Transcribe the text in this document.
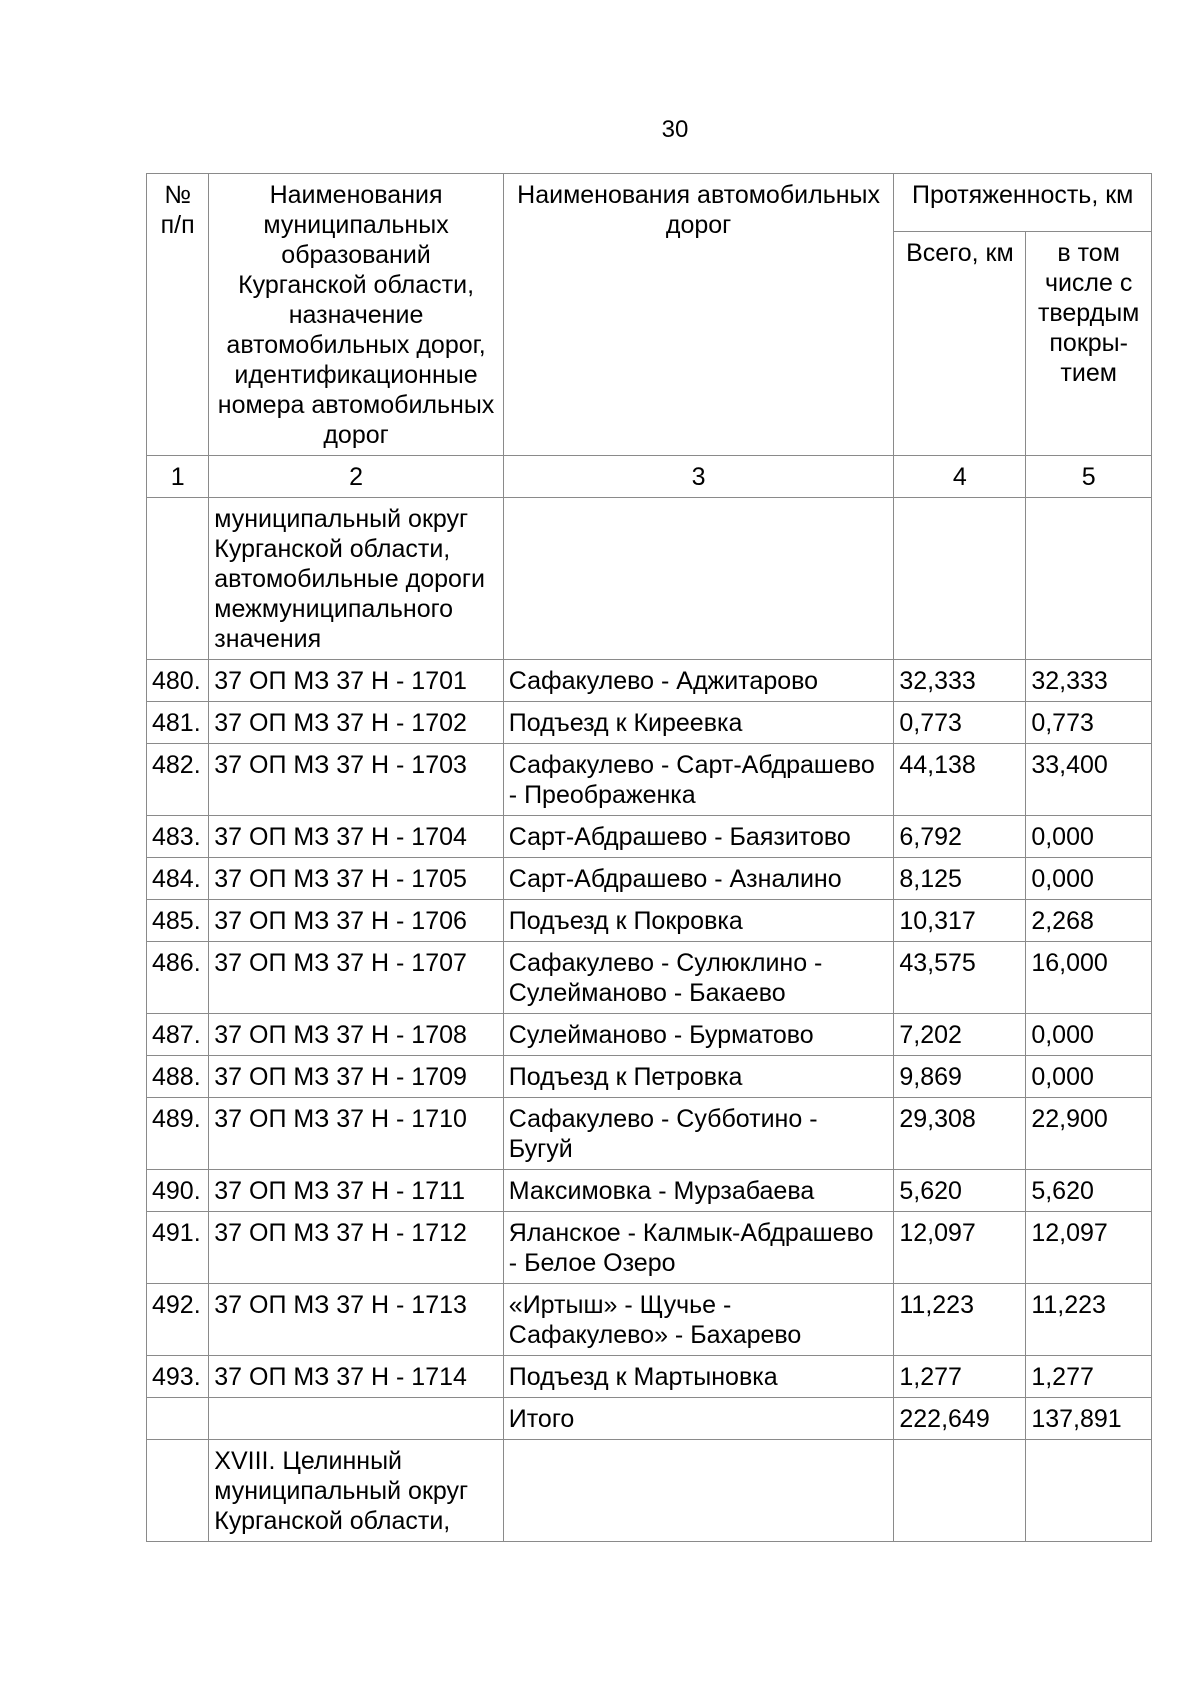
30
№
п/п	Наименования муниципальных образований Курганской области, назначение автомобильных дорог, идентификационные номера автомобильных дорог	Наименования автомобильных дорог	Протяженность, км	
			Всего, км	в том числе с твердым покры-тием
1	2	3	4	5
	муниципальный округ Курганской области, автомобильные дороги межмуниципального значения			
480.	37 ОП МЗ 37 Н - 1701	Сафакулево - Аджитарово	32,333	32,333
481.	37 ОП МЗ 37 Н - 1702	Подъезд к Киреевка	0,773	0,773
482.	37 ОП МЗ 37 Н - 1703	Сафакулево - Сарт-Абдрашево - Преображенка	44,138	33,400
483.	37 ОП МЗ 37 Н - 1704	Сарт-Абдрашево - Баязитово	6,792	0,000
484.	37 ОП МЗ 37 Н - 1705	Сарт-Абдрашево - Азналино	8,125	0,000
485.	37 ОП МЗ 37 Н - 1706	Подъезд к Покровка	10,317	2,268
486.	37 ОП МЗ 37 Н - 1707	Сафакулево - Сулюклино - Сулейманово - Бакаево	43,575	16,000
487.	37 ОП МЗ 37 Н - 1708	Сулейманово - Бурматово	7,202	0,000
488.	37 ОП МЗ 37 Н - 1709	Подъезд к Петровка	9,869	0,000
489.	37 ОП МЗ 37 Н - 1710	Сафакулево - Субботино - Бугуй	29,308	22,900
490.	37 ОП МЗ 37 Н - 1711	Максимовка - Мурзабаева	5,620	5,620
491.	37 ОП МЗ 37 Н - 1712	Яланское - Калмык-Абдрашево - Белое Озеро	12,097	12,097
492.	37 ОП МЗ 37 Н - 1713	«Иртыш» - Щучье - Сафакулево» - Бахарево	11,223	11,223
493.	37 ОП МЗ 37 Н - 1714	Подъезд к Мартыновка	1,277	1,277
		Итого	222,649	137,891
	XVIII. Целинный муниципальный округ Курганской области,			
